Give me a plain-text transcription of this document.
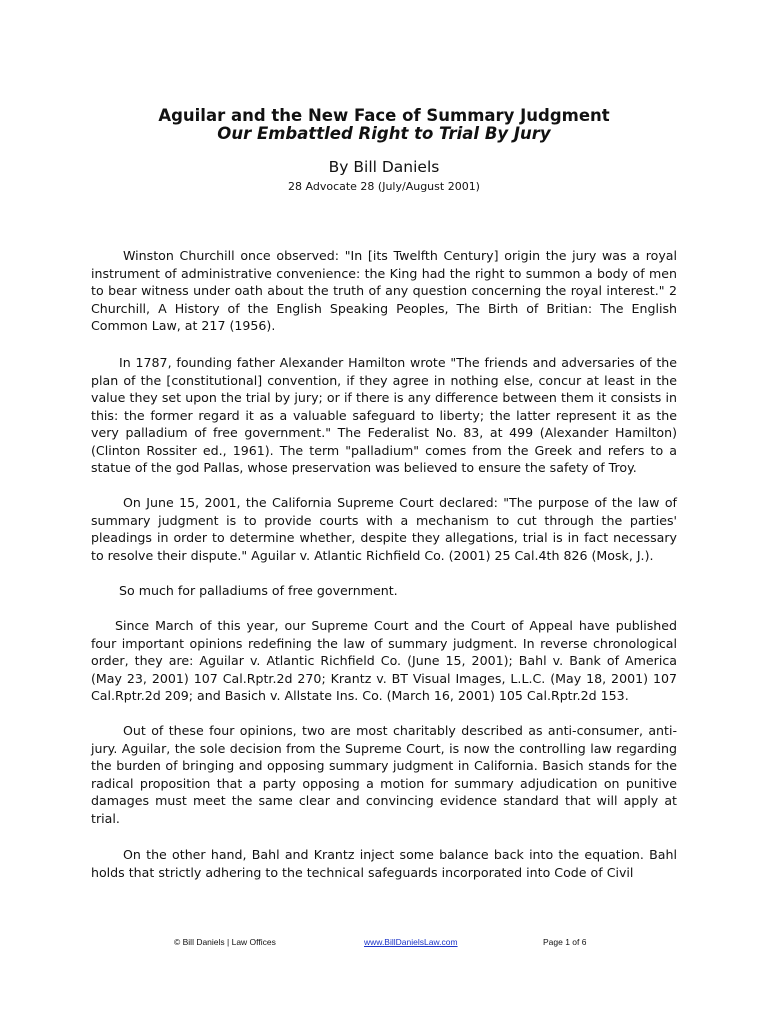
Aguilar and the New Face of Summary Judgment
Our Embattled Right to Trial By Jury
By Bill Daniels
28 Advocate 28 (July/August 2001)

Winston Churchill once observed: "In [its Twelfth Century] origin the jury was a royal instrument of administrative convenience: the King had the right to summon a body of men to bear witness under oath about the truth of any question concerning the royal interest." 2 Churchill, A History of the English Speaking Peoples, The Birth of Britian: The English Common Law, at 217 (1956).

In 1787, founding father Alexander Hamilton wrote "The friends and adversaries of the plan of the [constitutional] convention, if they agree in nothing else, concur at least in the value they set upon the trial by jury; or if there is any difference between them it consists in this: the former regard it as a valuable safeguard to liberty; the latter represent it as the very palladium of free government." The Federalist No. 83, at 499 (Alexander Hamilton) (Clinton Rossiter ed., 1961). The term "palladium" comes from the Greek and refers to a statue of the god Pallas, whose preservation was believed to ensure the safety of Troy.

On June 15, 2001, the California Supreme Court declared: "The purpose of the law of summary judgment is to provide courts with a mechanism to cut through the parties' pleadings in order to determine whether, despite they allegations, trial is in fact necessary to resolve their dispute." Aguilar v. Atlantic Richfield Co. (2001) 25 Cal.4th 826 (Mosk, J.).

So much for palladiums of free government.

Since March of this year, our Supreme Court and the Court of Appeal have published four important opinions redefining the law of summary judgment. In reverse chronological order, they are: Aguilar v. Atlantic Richfield Co. (June 15, 2001); Bahl v. Bank of America (May 23, 2001) 107 Cal.Rptr.2d 270; Krantz v. BT Visual Images, L.L.C. (May 18, 2001) 107 Cal.Rptr.2d 209; and Basich v. Allstate Ins. Co. (March 16, 2001) 105 Cal.Rptr.2d 153.

Out of these four opinions, two are most charitably described as anti-consumer, anti-jury. Aguilar, the sole decision from the Supreme Court, is now the controlling law regarding the burden of bringing and opposing summary judgment in California. Basich stands for the radical proposition that a party opposing a motion for summary adjudication on punitive damages must meet the same clear and convincing evidence standard that will apply at trial.

On the other hand, Bahl and Krantz inject some balance back into the equation. Bahl holds that strictly adhering to the technical safeguards incorporated into Code of Civil

© Bill Daniels | Law Offices	www.BillDanielsLaw.com	Page 1 of 6
